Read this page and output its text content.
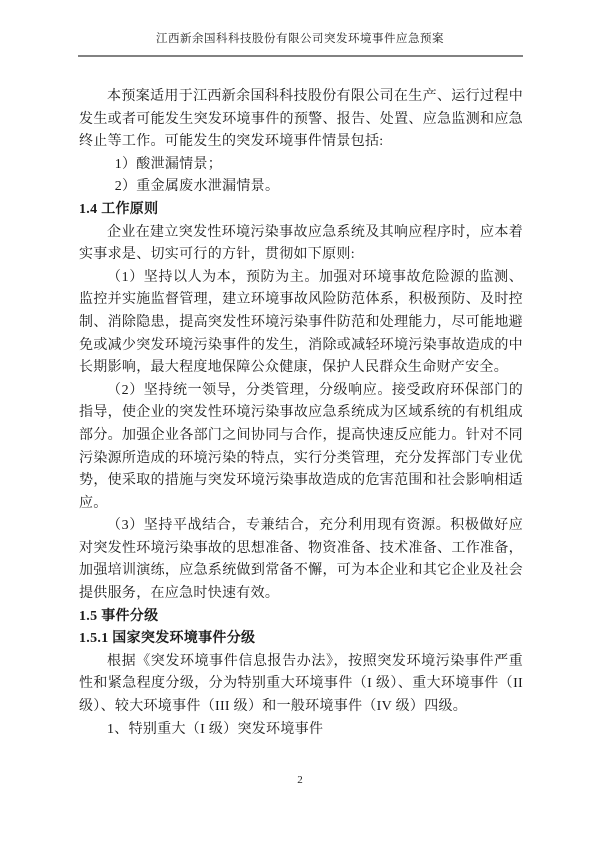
江西新余国科科技股份有限公司突发环境事件应急预案

本预案适用于江西新余国科科技股份有限公司在生产、运行过程中发生或者可能发生突发环境事件的预警、报告、处置、应急监测和应急终止等工作。可能发生的突发环境事件情景包括:

1）酸泄漏情景；

2）重金属废水泄漏情景。

1.4 工作原则

企业在建立突发性环境污染事故应急系统及其响应程序时，应本着实事求是、切实可行的方针，贯彻如下原则:

（1）坚持以人为本，预防为主。加强对环境事故危险源的监测、监控并实施监督管理，建立环境事故风险防范体系，积极预防、及时控制、消除隐患，提高突发性环境污染事件防范和处理能力，尽可能地避免或减少突发环境污染事件的发生，消除或减轻环境污染事故造成的中长期影响，最大程度地保障公众健康，保护人民群众生命财产安全。

（2）坚持统一领导，分类管理，分级响应。接受政府环保部门的指导，使企业的突发性环境污染事故应急系统成为区域系统的有机组成部分。加强企业各部门之间协同与合作，提高快速反应能力。针对不同污染源所造成的环境污染的特点，实行分类管理，充分发挥部门专业优势，使采取的措施与突发环境污染事故造成的危害范围和社会影响相适应。

（3）坚持平战结合，专兼结合，充分利用现有资源。积极做好应对突发性环境污染事故的思想准备、物资准备、技术准备、工作准备，加强培训演练，应急系统做到常备不懈，可为本企业和其它企业及社会提供服务，在应急时快速有效。

1.5 事件分级

1.5.1 国家突发环境事件分级

根据《突发环境事件信息报告办法》，按照突发环境污染事件严重性和紧急程度分级，分为特别重大环境事件（I 级）、重大环境事件（II 级）、较大环境事件（III 级）和一般环境事件（IV 级）四级。

1、特别重大（I 级）突发环境事件

2
